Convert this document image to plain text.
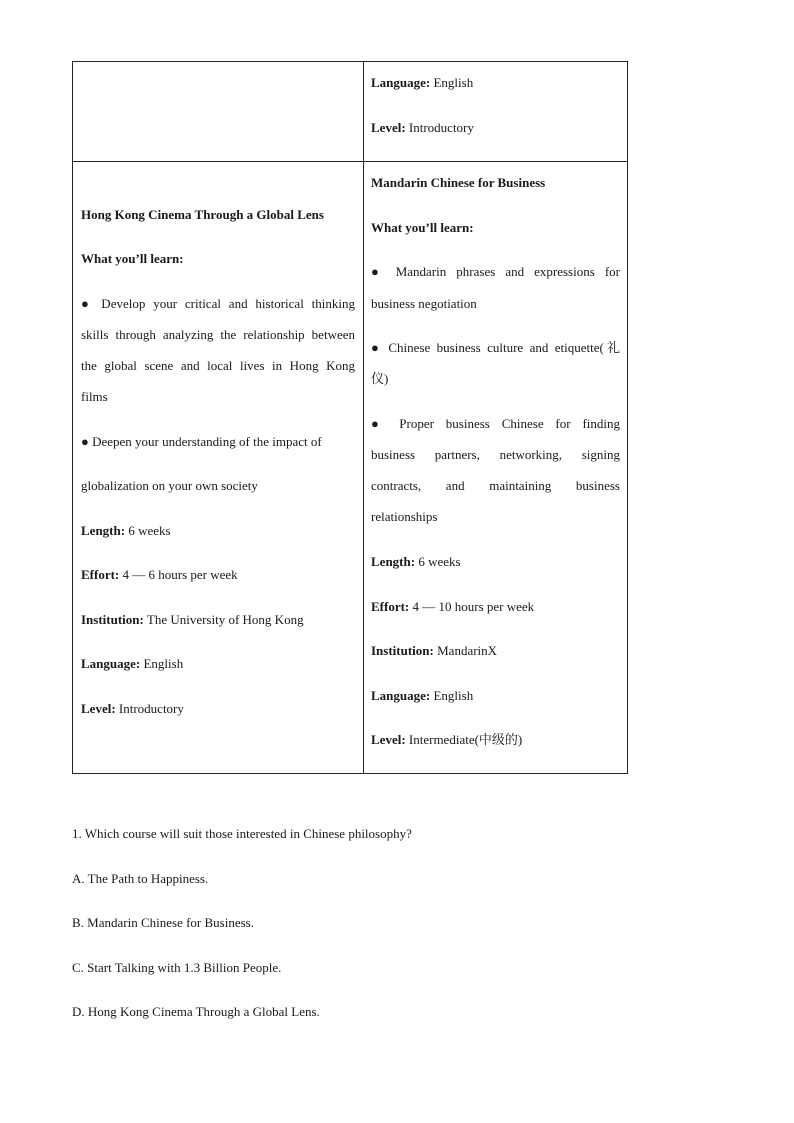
Language: English
Level: Introductory
Hong Kong Cinema Through a Global Lens
What you’ll learn:
● Develop your critical and historical thinking
skills through analyzing the relationship between
the global scene and local lives in Hong Kong
films
● Deepen your understanding of the impact of
globalization on your own society
Length: 6 weeks
Effort: 4 — 6 hours per week
Institution: The University of Hong Kong
Language: English
Level: Introductory
Mandarin Chinese for Business
What you’ll learn:
● Mandarin phrases and expressions for
business negotiation
● Chinese business culture and etiquette(礼
仪)
● Proper business Chinese for finding
business partners, networking, signing
contracts, and maintaining business
relationships
Length: 6 weeks
Effort: 4 — 10 hours per week
Institution: MandarinX
Language: English
Level: Intermediate(中级的)
1. Which course will suit those interested in Chinese philosophy?
A. The Path to Happiness.
B. Mandarin Chinese for Business.
C. Start Talking with 1.3 Billion People.
D. Hong Kong Cinema Through a Global Lens.
